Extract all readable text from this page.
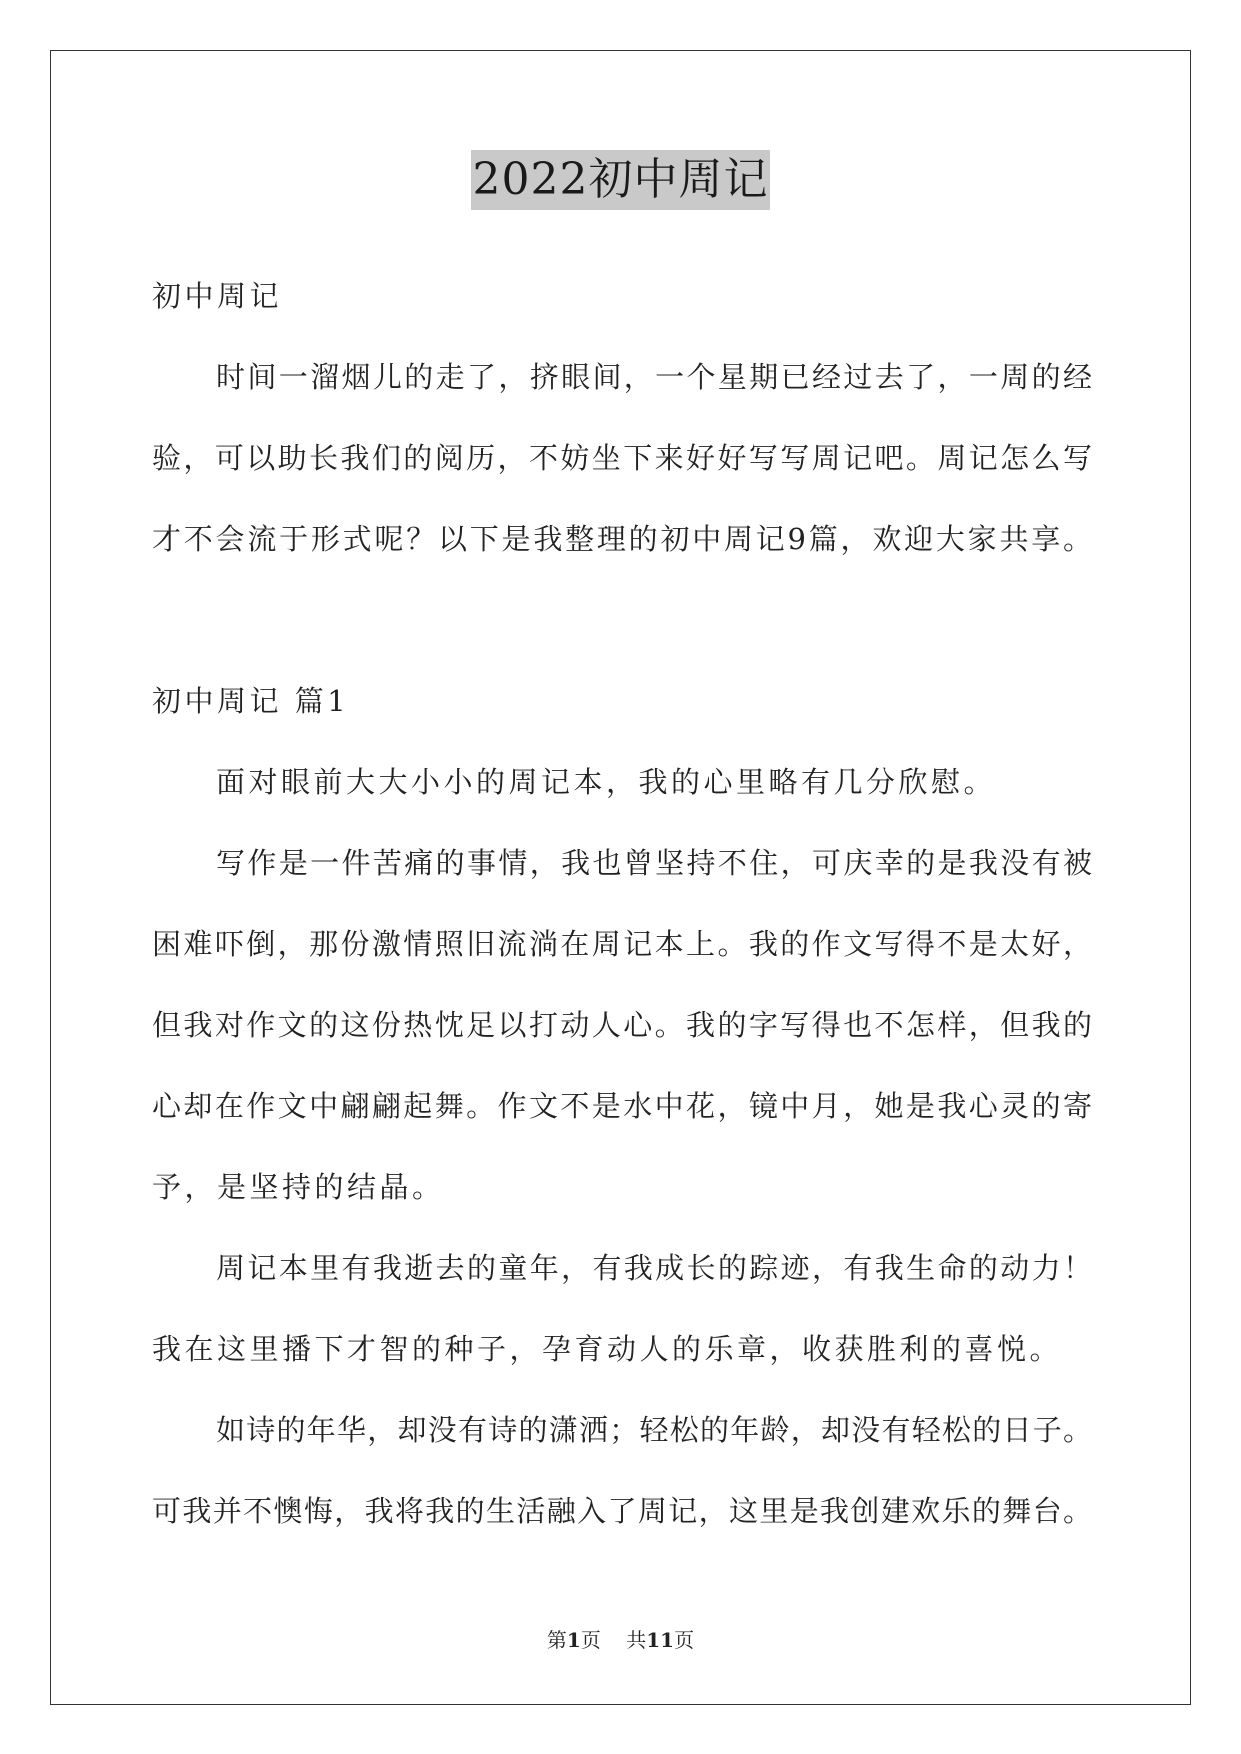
2022初中周记
初中周记
时间一溜烟儿的走了，挤眼间，一个星期已经过去了，一周的经
验，可以助长我们的阅历，不妨坐下来好好写写周记吧。周记怎么写
才不会流于形式呢？以下是我整理的初中周记9篇，欢迎大家共享。
初中周记 篇1
面对眼前大大小小的周记本，我的心里略有几分欣慰。
写作是一件苦痛的事情，我也曾坚持不住，可庆幸的是我没有被
困难吓倒，那份激情照旧流淌在周记本上。我的作文写得不是太好，
但我对作文的这份热忱足以打动人心。我的字写得也不怎样，但我的
心却在作文中翩翩起舞。作文不是水中花，镜中月，她是我心灵的寄
予，是坚持的结晶。
周记本里有我逝去的童年，有我成长的踪迹，有我生命的动力！
我在这里播下才智的种子，孕育动人的乐章，收获胜利的喜悦。
如诗的年华，却没有诗的潇洒；轻松的年龄，却没有轻松的日子。
可我并不懊悔，我将我的生活融入了周记，这里是我创建欢乐的舞台。
第1页 共11页
